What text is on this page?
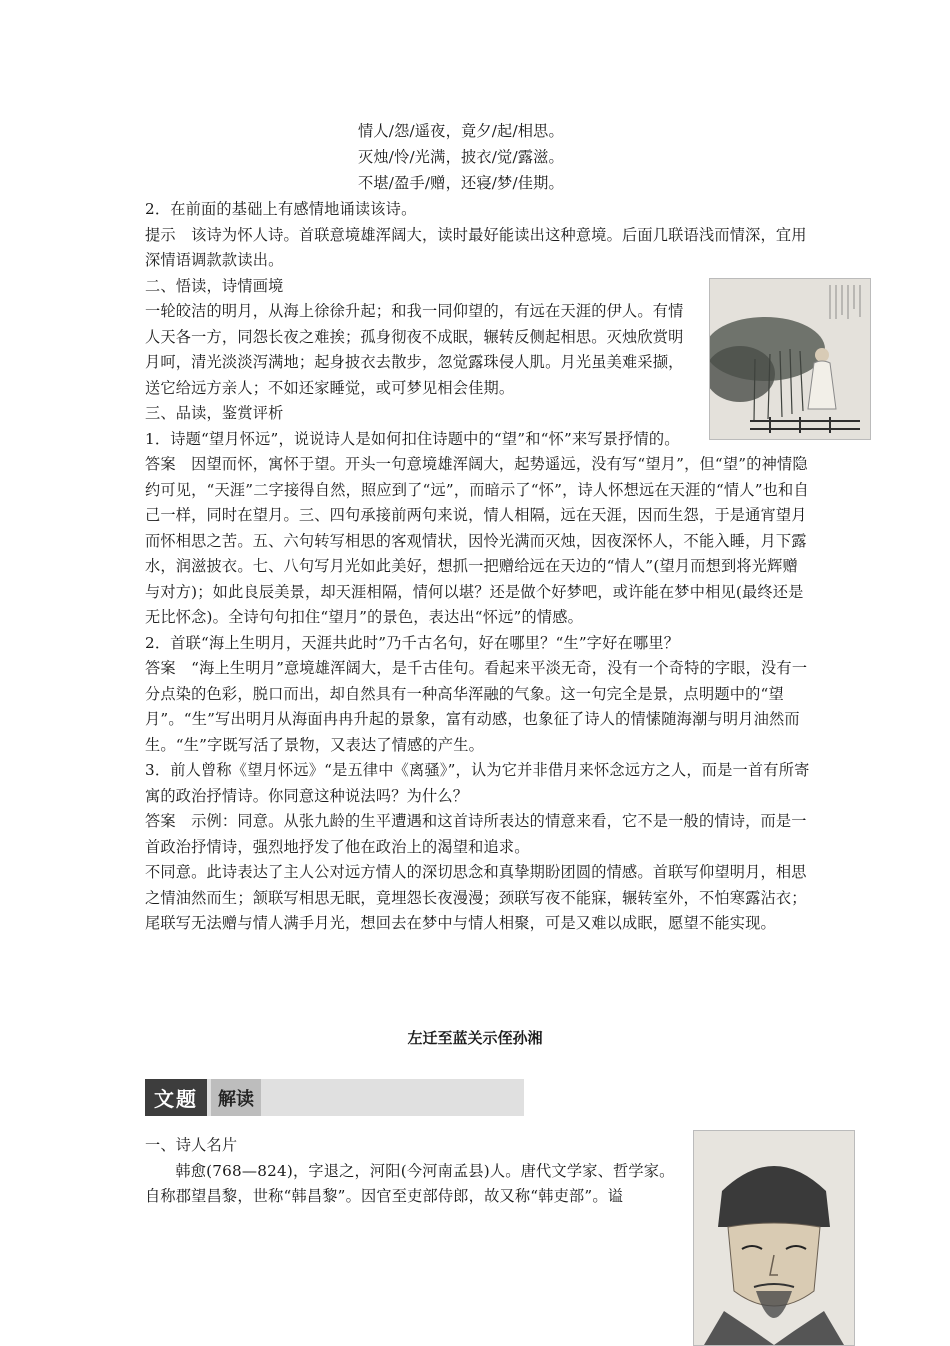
情人/怨/遥夜，竟夕/起/相思。

灭烛/怜/光满，披衣/觉/露滋。

不堪/盈手/赠，还寝/梦/佳期。

2．在前面的基础上有感情地诵读该诗。

提示　该诗为怀人诗。首联意境雄浑阔大，读时最好能读出这种意境。后面几联语浅而情深，宜用深情语调款款读出。

二、悟读，诗情画境

一轮皎洁的明月，从海上徐徐升起；和我一同仰望的，有远在天涯的伊人。有情人天各一方，同怨长夜之难挨；孤身彻夜不成眠，辗转反侧起相思。灭烛欣赏明月呵，清光淡淡泻满地；起身披衣去散步，忽觉露珠侵人肌。月光虽美难采撷，送它给远方亲人；不如还家睡觉，或可梦见相会佳期。

三、品读，鉴赏评析

1．诗题“望月怀远”，说说诗人是如何扣住诗题中的“望”和“怀”来写景抒情的。

答案　因望而怀，寓怀于望。开头一句意境雄浑阔大，起势遥远，没有写“望月”，但“望”的神情隐约可见，“天涯”二字接得自然，照应到了“远”，而暗示了“怀”，诗人怀想远在天涯的“情人”也和自己一样，同时在望月。三、四句承接前两句来说，情人相隔，远在天涯，因而生怨，于是通宵望月而怀相思之苦。五、六句转写相思的客观情状，因怜光满而灭烛，因夜深怀人，不能入睡，月下露水，润滋披衣。七、八句写月光如此美好，想抓一把赠给远在天边的“情人”(望月而想到将光辉赠与对方)；如此良辰美景，却天涯相隔，情何以堪？还是做个好梦吧，或许能在梦中相见(最终还是无比怀念)。全诗句句扣住“望月”的景色，表达出“怀远”的情感。

2．首联“海上生明月，天涯共此时”乃千古名句，好在哪里？“生”字好在哪里？

答案　“海上生明月”意境雄浑阔大，是千古佳句。看起来平淡无奇，没有一个奇特的字眼，没有一分点染的色彩，脱口而出，却自然具有一种高华浑融的气象。这一句完全是景，点明题中的“望月”。“生”写出明月从海面冉冉升起的景象，富有动感，也象征了诗人的情愫随海潮与明月油然而生。“生”字既写活了景物，又表达了情感的产生。

3．前人曾称《望月怀远》“是五律中《离骚》”，认为它并非借月来怀念远方之人，而是一首有所寄寓的政治抒情诗。你同意这种说法吗？为什么？

答案　示例：同意。从张九龄的生平遭遇和这首诗所表达的情意来看，它不是一般的情诗，而是一首政治抒情诗，强烈地抒发了他在政治上的渴望和追求。

不同意。此诗表达了主人公对远方情人的深切思念和真挚期盼团圆的情感。首联写仰望明月，相思之情油然而生；颔联写相思无眠，竟埋怨长夜漫漫；颈联写夜不能寐，辗转室外，不怕寒露沾衣；尾联写无法赠与情人满手月光，想回去在梦中与情人相聚，可是又难以成眠，愿望不能实现。

左迁至蓝关示侄孙湘
文题	解读

一、诗人名片

韩愈(768—824)，字退之，河阳(今河南孟县)人。唐代文学家、哲学家。自称郡望昌黎，世称“韩昌黎”。因官至吏部侍郎，故又称“韩吏部”。谥
